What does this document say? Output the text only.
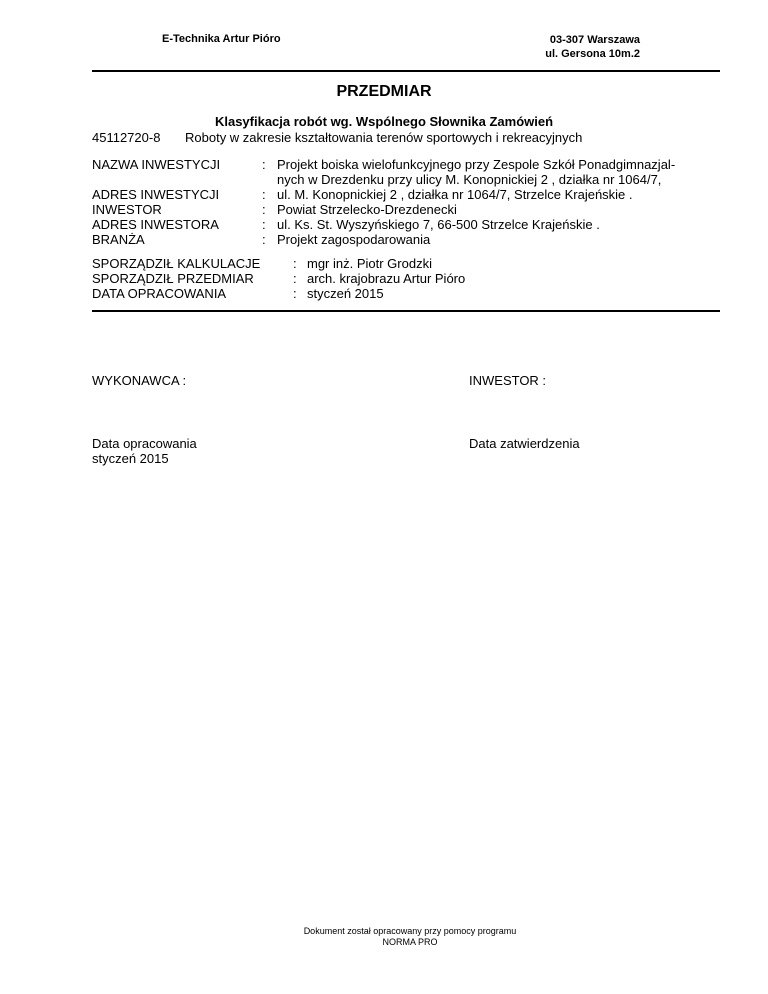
E-Technika Artur Pióro	03-307 Warszawa
ul. Gersona 10m.2
PRZEDMIAR
Klasyfikacja robót wg. Wspólnego Słownika Zamówień
45112720-8 Roboty w zakresie kształtowania terenów sportowych i rekreacyjnych
NAZWA INWESTYCJI	:	Projekt boiska wielofunkcyjnego przy Zespole Szkół Ponadgimnazjal-
		nych w Drezdenku przy ulicy M. Konopnickiej 2 , działka nr 1064/7,
ADRES INWESTYCJI	:	ul. M. Konopnickiej 2 , działka nr 1064/7, Strzelce Krajeńskie .
INWESTOR	:	Powiat Strzelecko-Drezdenecki
ADRES INWESTORA	:	ul. Ks. St. Wyszyńskiego 7, 66-500 Strzelce Krajeńskie .
BRANŻA	:	Projekt zagospodarowania
SPORZĄDZIŁ KALKULACJE	:	mgr inż. Piotr Grodzki
SPORZĄDZIŁ PRZEDMIAR	:	arch. krajobrazu Artur Pióro
DATA OPRACOWANIA	:	styczeń 2015
WYKONAWCA :	INWESTOR :
Data opracowania
styczeń 2015
Data zatwierdzenia
Dokument został opracowany przy pomocy programu
NORMA PRO
